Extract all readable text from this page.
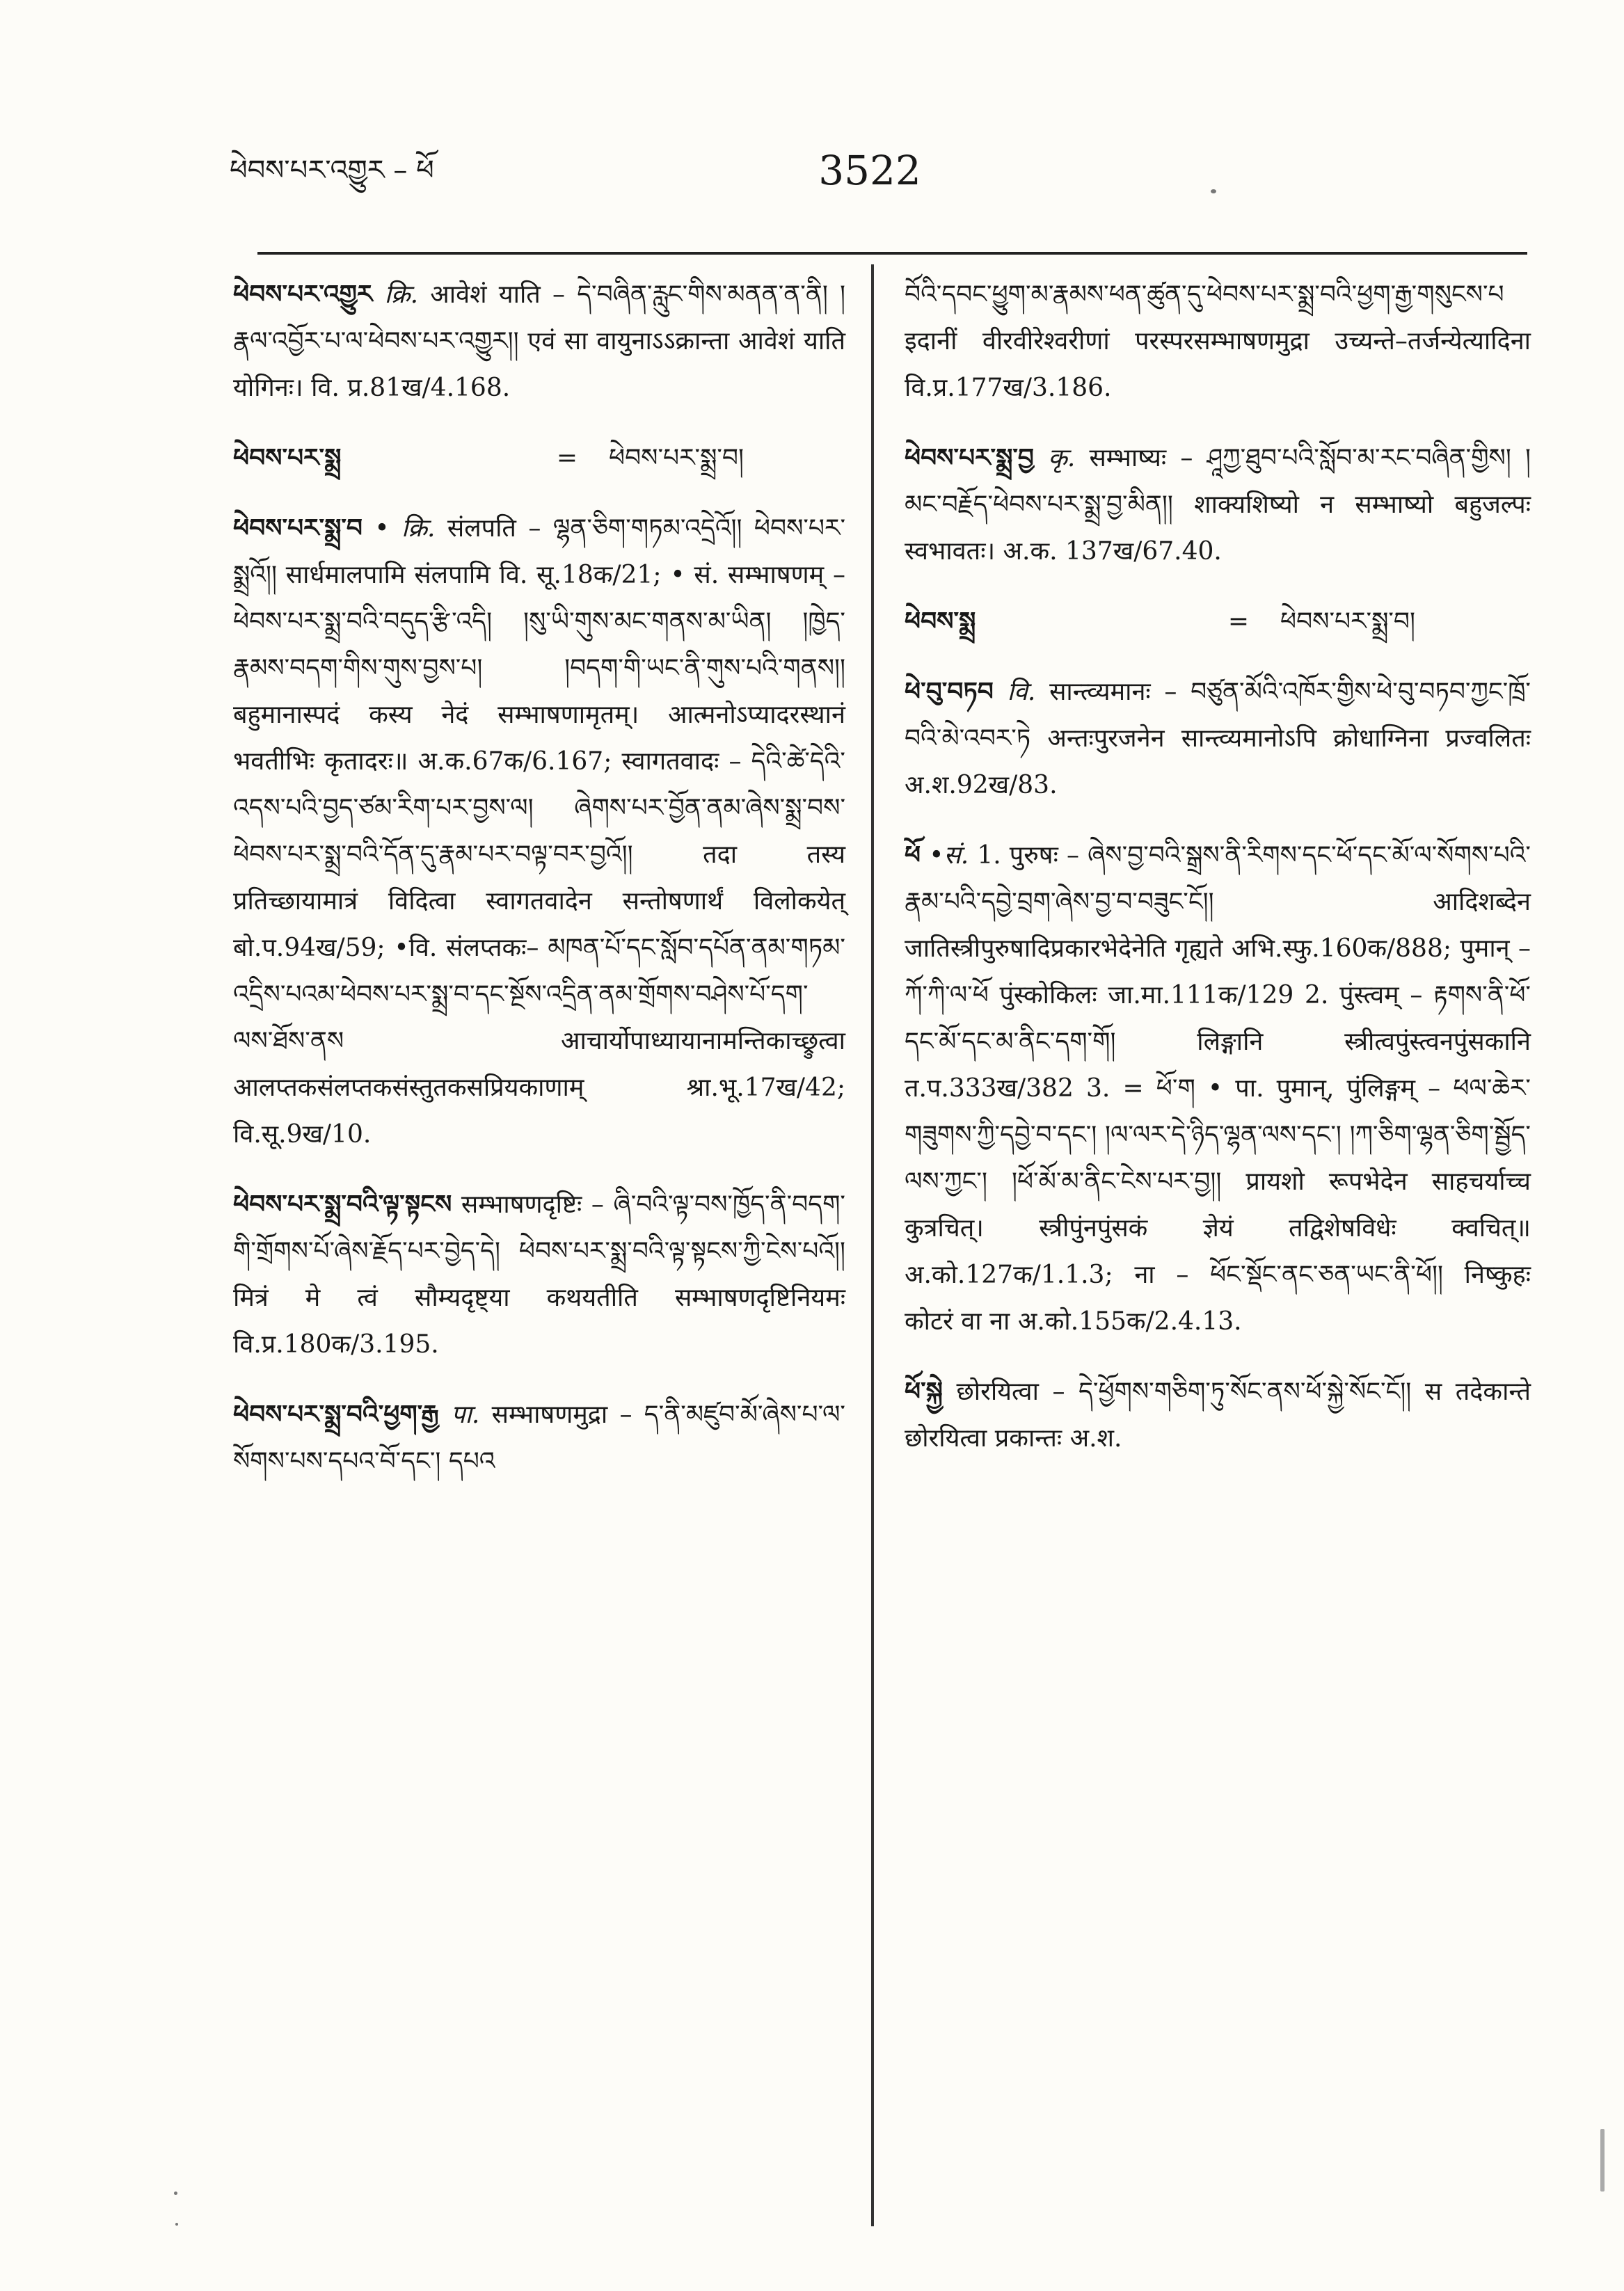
ཕེབས་པར་འགྱུར – ཕོ	3522

ཕེབས་པར་འགྱུར क्रि. आवेशं याति – དེ་བཞིན་རླུང་གིས་མནན་ན་ནི། །རྣལ་འབྱོར་པ་ལ་ཕེབས་པར་འགྱུར།། एवं सा वायुनाऽऽक्रान्ता आवेशं याति योगिनः। वि. प्र.81ख/4.168.

ཕེབས་པར་སྨྲ	=	ཕེབས་པར་སྨྲ་བ།

ཕེབས་པར་སྨྲ་བ • क्रि. संलपति – ལྷན་ཅིག་གཏམ་འདྲེའོ།། ཕེབས་པར་སྨྲའོ།། सार्धमालपामि संलपामि वि. सू.18क/21; • सं. सम्भाषणम् – ཕེབས་པར་སྨྲ་བའི་བདུད་རྩི་འདི། །སུ་ཡི་གུས་མང་གནས་མ་ཡིན། །ཁྱེད་རྣམས་བདག་གིས་གུས་བྱས་པ། །བདག་གི་ཡང་ནི་གུས་པའི་གནས།། बहुमानास्पदं कस्य नेदं सम्भाषणामृतम्। आत्मनोऽप्यादरस्थानं भवतीभिः कृतादरः॥ अ.क.67क/6.167; स्वागतवादः – དེའི་ཚེ་དེའི་འདས་པའི་བྱད་ཙམ་རིག་པར་བྱས་ལ། ཞེགས་པར་བྱོན་ནམ་ཞེས་སྨྲ་བས་ཕེབས་པར་སྨྲ་བའི་དོན་དུ་རྣམ་པར་བལྟ་བར་བྱའོ།། तदा तस्य प्रतिच्छायामात्रं विदित्वा स्वागतवादेन सन्तोषणार्थं विलोकयेत् बो.प.94ख/59; •वि. संलप्तकः– མཁན་པོ་དང་སློབ་དཔོན་ནམ་གཏམ་འདྲིས་པའམ་ཕེབས་པར་སྨྲ་བ་དང་སྔོས་འདྲིན་ནམ་གྲོགས་བཤེས་པོ་དག་ལས་ཐོས་ནས आचार्योपाध्यायानामन्तिकाच्छ्रुत्वा आलप्तकसंलप्तकसंस्तुतकसप्रियकाणाम् श्रा.भू.17ख/42; वि.सू.9ख/10.

ཕེབས་པར་སྨྲ་བའི་ལྟ་སྟངས सम्भाषणदृष्टिः – ཞི་བའི་ལྟ་བས་ཁྱོད་ནི་བདག་གི་གྲོགས་པོ་ཞེས་རྗོད་པར་བྱེད་དེ། ཕེབས་པར་སྨྲ་བའི་ལྟ་སྟངས་ཀྱི་ངེས་པའོ།། मित्रं मे त्वं सौम्यदृष्ट्या कथयतीति सम्भाषणदृष्टिनियमः वि.प्र.180क/3.195.

ཕེབས་པར་སྨྲ་བའི་ཕྱག་རྒྱ पा. सम्भाषणमुद्रा – ད་ནི་མཛུབ་མོ་ཞེས་པ་ལ་སོགས་པས་དཔའ་བོ་དང་། དཔའ

བོའི་དབང་ཕྱུག་མ་རྣམས་ཕན་ཚུན་དུ་ཕེབས་པར་སྨྲ་བའི་ཕྱག་རྒྱ་གསུངས་པ इदानीं वीरवीरेश्वरीणां परस्परसम्भाषणमुद्रा उच्यन्ते–तर्जन्येत्यादिना वि.प्र.177ख/3.186.

ཕེབས་པར་སྨྲ་བྱ कृ. सम्भाष्यः – ཤཱཀྱ་ཐུབ་པའི་སློབ་མ་རང་བཞིན་གྱིས། །མང་བརྗོད་ཕེབས་པར་སྨྲ་བྱ་མིན།། शाक्यशिष्यो न सम्भाष्यो बहुजल्पः स्वभावतः। अ.क. 137ख/67.40.

ཕེབས་སྨྲ	=	ཕེབས་པར་སྨྲ་བ།

ཕེ་བུ་བཏབ वि. सान्त्व्यमानः – བཙུན་མོའི་འཁོར་གྱིས་ཕེ་བུ་བཏབ་ཀྱང་ཁྲོ་བའི་མེ་འབར་ཏེ अन्तःपुरजनेन सान्त्व्यमानोऽपि क्रोधाग्निना प्रज्वलितः अ.श.92ख/83.

ཕོ •सं. 1. पुरुषः – ཞེས་བྱ་བའི་སྒྲས་ནི་རིགས་དང་ཕོ་དང་མོ་ལ་སོགས་པའི་རྣམ་པའི་དབྱེ་བྲག་ཞེས་བྱ་བ་བཟུང་ངོ།། आदिशब्देन जातिस्त्रीपुरुषादिप्रकारभेदेनेति गृह्यते अभि.स्फु.160क/888; पुमान् – ཀོ་ཀི་ལ་ཕོ पुंस्कोकिलः जा.मा.111क/129 2. पुंस्त्वम् – རྟགས་ནི་ཕོ་དང་མོ་དང་མ་ནིང་དག་གོ། लिङ्गानि स्त्रीत्वपुंस्त्वनपुंसकानि त.प.333ख/382 3. = ཕོ་ག • पा. पुमान्, पुंलिङ्गम् – ཕལ་ཆེར་གཟུགས་ཀྱི་དབྱེ་བ་དང་། །ལ་ལར་དེ་ཉིད་ལྷན་ལས་དང་། །ཀ་ཅིག་ལྷན་ཅིག་སྦྱོད་ལས་ཀྱང་། །ཕོ་མོ་མ་ནིང་ངེས་པར་བྱ།། प्रायशो रूपभेदेन साहचर्याच्च कुत्रचित्। स्त्रीपुंनपुंसकं ज्ञेयं तद्विशेषविधेः क्वचित्॥ अ.को.127क/1.1.3; ना – ཕོང་སྡོང་ནང་ཅན་ཡང་ནི་ཕོ།། निष्कुहः कोटरं वा ना अ.को.155क/2.4.13.

ཕོ་སྐྱེ छोरयित्वा – དེ་ཕྱོགས་གཅིག་ཏུ་སོང་ནས་ཕོ་སྐྱེ་སོང་ངོ།། स तदेकान्ते छोरयित्वा प्रकान्तः अ.श.
